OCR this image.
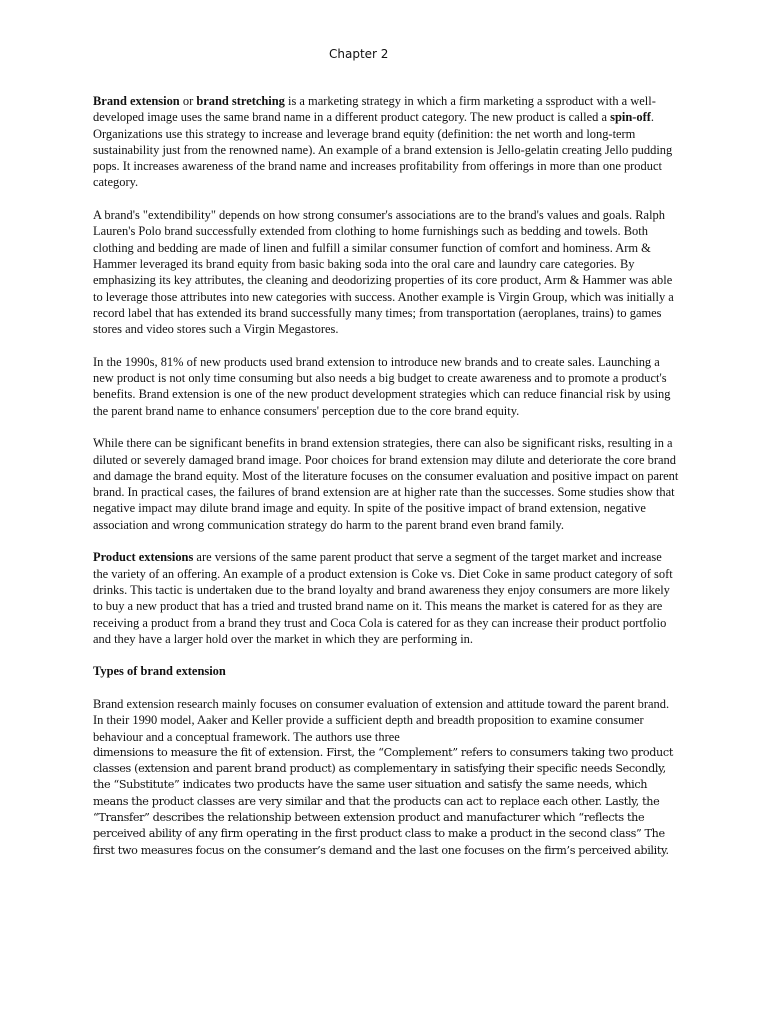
Chapter 2

Brand extension or brand stretching is a marketing strategy in which a firm marketing a ssproduct with a well-developed image uses the same brand name in a different product category. The new product is called a spin-off. Organizations use this strategy to increase and leverage brand equity (definition: the net worth and long-term sustainability just from the renowned name). An example of a brand extension is Jello-gelatin creating Jello pudding pops. It increases awareness of the brand name and increases profitability from offerings in more than one product category.

A brand's "extendibility" depends on how strong consumer's associations are to the brand's values and goals. Ralph Lauren's Polo brand successfully extended from clothing to home furnishings such as bedding and towels. Both clothing and bedding are made of linen and fulfill a similar consumer function of comfort and hominess. Arm & Hammer leveraged its brand equity from basic baking soda into the oral care and laundry care categories. By emphasizing its key attributes, the cleaning and deodorizing properties of its core product, Arm & Hammer was able to leverage those attributes into new categories with success. Another example is Virgin Group, which was initially a record label that has extended its brand successfully many times; from transportation (aeroplanes, trains) to games stores and video stores such a Virgin Megastores.

In the 1990s, 81% of new products used brand extension to introduce new brands and to create sales. Launching a new product is not only time consuming but also needs a big budget to create awareness and to promote a product's benefits. Brand extension is one of the new product development strategies which can reduce financial risk by using the parent brand name to enhance consumers' perception due to the core brand equity.

While there can be significant benefits in brand extension strategies, there can also be significant risks, resulting in a diluted or severely damaged brand image. Poor choices for brand extension may dilute and deteriorate the core brand and damage the brand equity. Most of the literature focuses on the consumer evaluation and positive impact on parent brand. In practical cases, the failures of brand extension are at higher rate than the successes. Some studies show that negative impact may dilute brand image and equity. In spite of the positive impact of brand extension, negative association and wrong communication strategy do harm to the parent brand even brand family.

Product extensions are versions of the same parent product that serve a segment of the target market and increase the variety of an offering. An example of a product extension is Coke vs. Diet Coke in same product category of soft drinks. This tactic is undertaken due to the brand loyalty and brand awareness they enjoy consumers are more likely to buy a new product that has a tried and trusted brand name on it. This means the market is catered for as they are receiving a product from a brand they trust and Coca Cola is catered for as they can increase their product portfolio and they have a larger hold over the market in which they are performing in.

Types of brand extension
Brand extension research mainly focuses on consumer evaluation of extension and attitude toward the parent brand. In their 1990 model, Aaker and Keller provide a sufficient depth and breadth proposition to examine consumer behaviour and a conceptual framework. The authors use three
dimensions to measure the fit of extension. First, the “Complement” refers to consumers taking two product classes (extension and parent brand product) as complementary in satisfying their specific needs Secondly, the “Substitute” indicates two products have the same user situation and satisfy the same needs, which means the product classes are very similar and that the products can act to replace each other. Lastly, the “Transfer” describes the relationship between extension product and manufacturer which “reflects the perceived ability of any firm operating in the first product class to make a product in the second class” The first two measures focus on the consumer’s demand and the last one focuses on the firm’s perceived ability.
